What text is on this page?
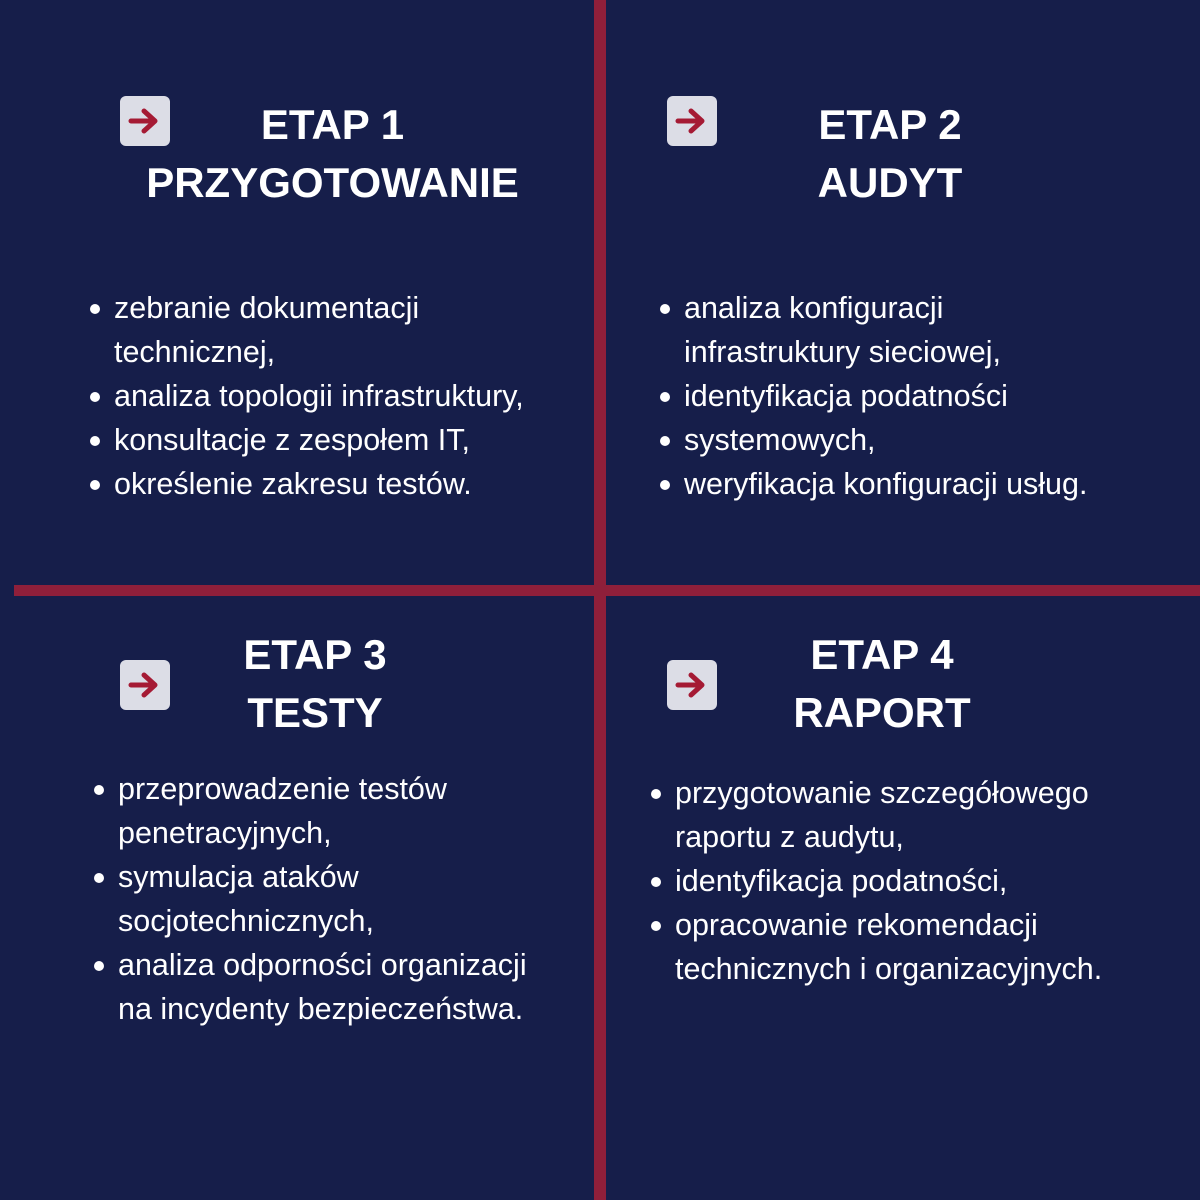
ETAP 1
PRZYGOTOWANIE
zebranie dokumentacji
technicznej,
analiza topologii infrastruktury,
konsultacje z zespołem IT,
określenie zakresu testów.
ETAP 2
AUDYT
analiza konfiguracji
infrastruktury sieciowej,
identyfikacja podatności
systemowych,
weryfikacja konfiguracji usług.
ETAP 3
TESTY
przeprowadzenie testów
penetracyjnych,
symulacja ataków
socjotechnicznych,
analiza odporności organizacji
na incydenty bezpieczeństwa.
ETAP 4
RAPORT
przygotowanie szczegółowego
raportu z audytu,
identyfikacja podatności,
opracowanie rekomendacji
technicznych i organizacyjnych.
